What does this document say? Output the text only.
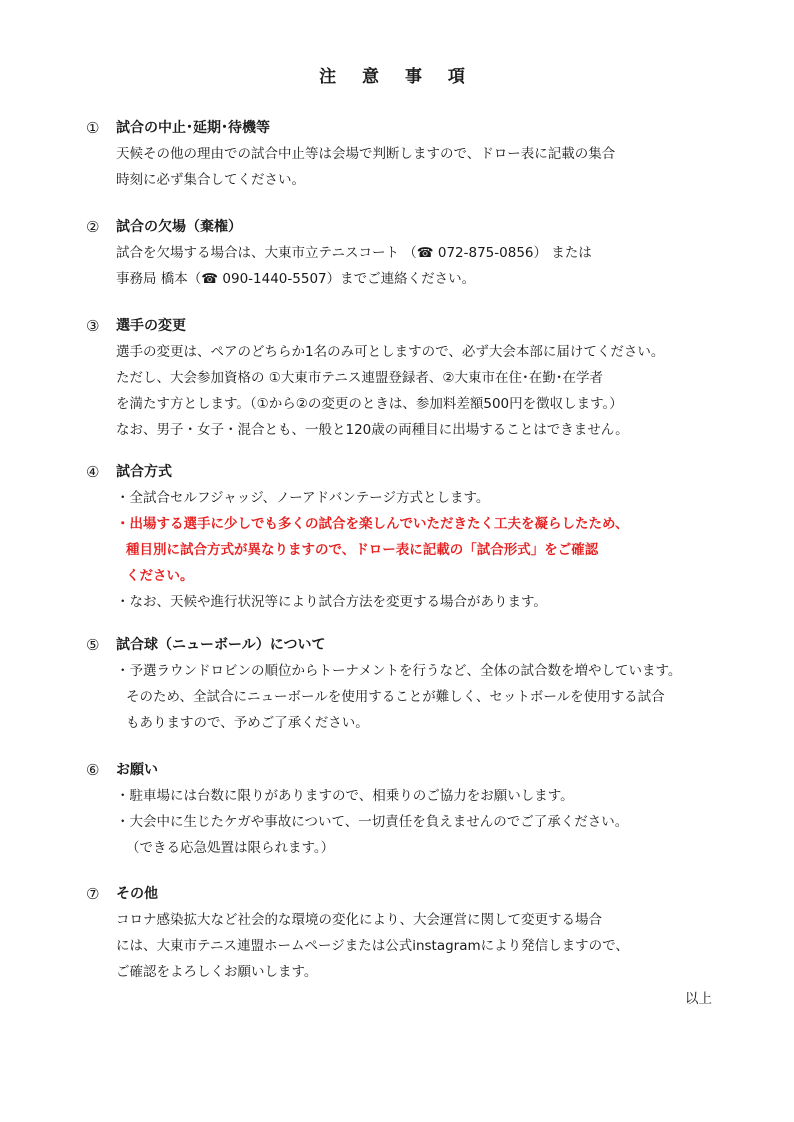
注 意 事 項
① 試合の中止･延期･待機等
天候その他の理由での試合中止等は会場で判断しますので、ドロー表に記載の集合
時刻に必ず集合してください。
② 試合の欠場（棄権）
試合を欠場する場合は、大東市立テニスコート （☎ 072-875-0856） または
事務局 橋本（☎ 090-1440-5507）までご連絡ください。
③ 選手の変更
選手の変更は、ペアのどちらか1名のみ可としますので、必ず大会本部に届けてください。
ただし、大会参加資格の ①大東市テニス連盟登録者、②大東市在住･在勤･在学者
を満たす方とします。（①から②の変更のときは、参加料差額500円を徴収します。）
なお、男子・女子・混合とも、一般と120歳の両種目に出場することはできません。
④ 試合方式
・全試合セルフジャッジ、ノーアドバンテージ方式とします。
・出場する選手に少しでも多くの試合を楽しんでいただきたく工夫を凝らしたため、
種目別に試合方式が異なりますので、ドロー表に記載の「試合形式」をご確認
ください。
・なお、天候や進行状況等により試合方法を変更する場合があります。
⑤ 試合球（ニューボール）について
・予選ラウンドロビンの順位からトーナメントを行うなど、全体の試合数を増やしています。
そのため、全試合にニューボールを使用することが難しく、セットボールを使用する試合
もありますので、予めご了承ください。
⑥ お願い
・駐車場には台数に限りがありますので、相乗りのご協力をお願いします。
・大会中に生じたケガや事故について、一切責任を負えませんのでご了承ください。
（できる応急処置は限られます。）
⑦ その他
コロナ感染拡大など社会的な環境の変化により、大会運営に関して変更する場合
には、大東市テニス連盟ホームページまたは公式instagramにより発信しますので、
ご確認をよろしくお願いします。
以上
